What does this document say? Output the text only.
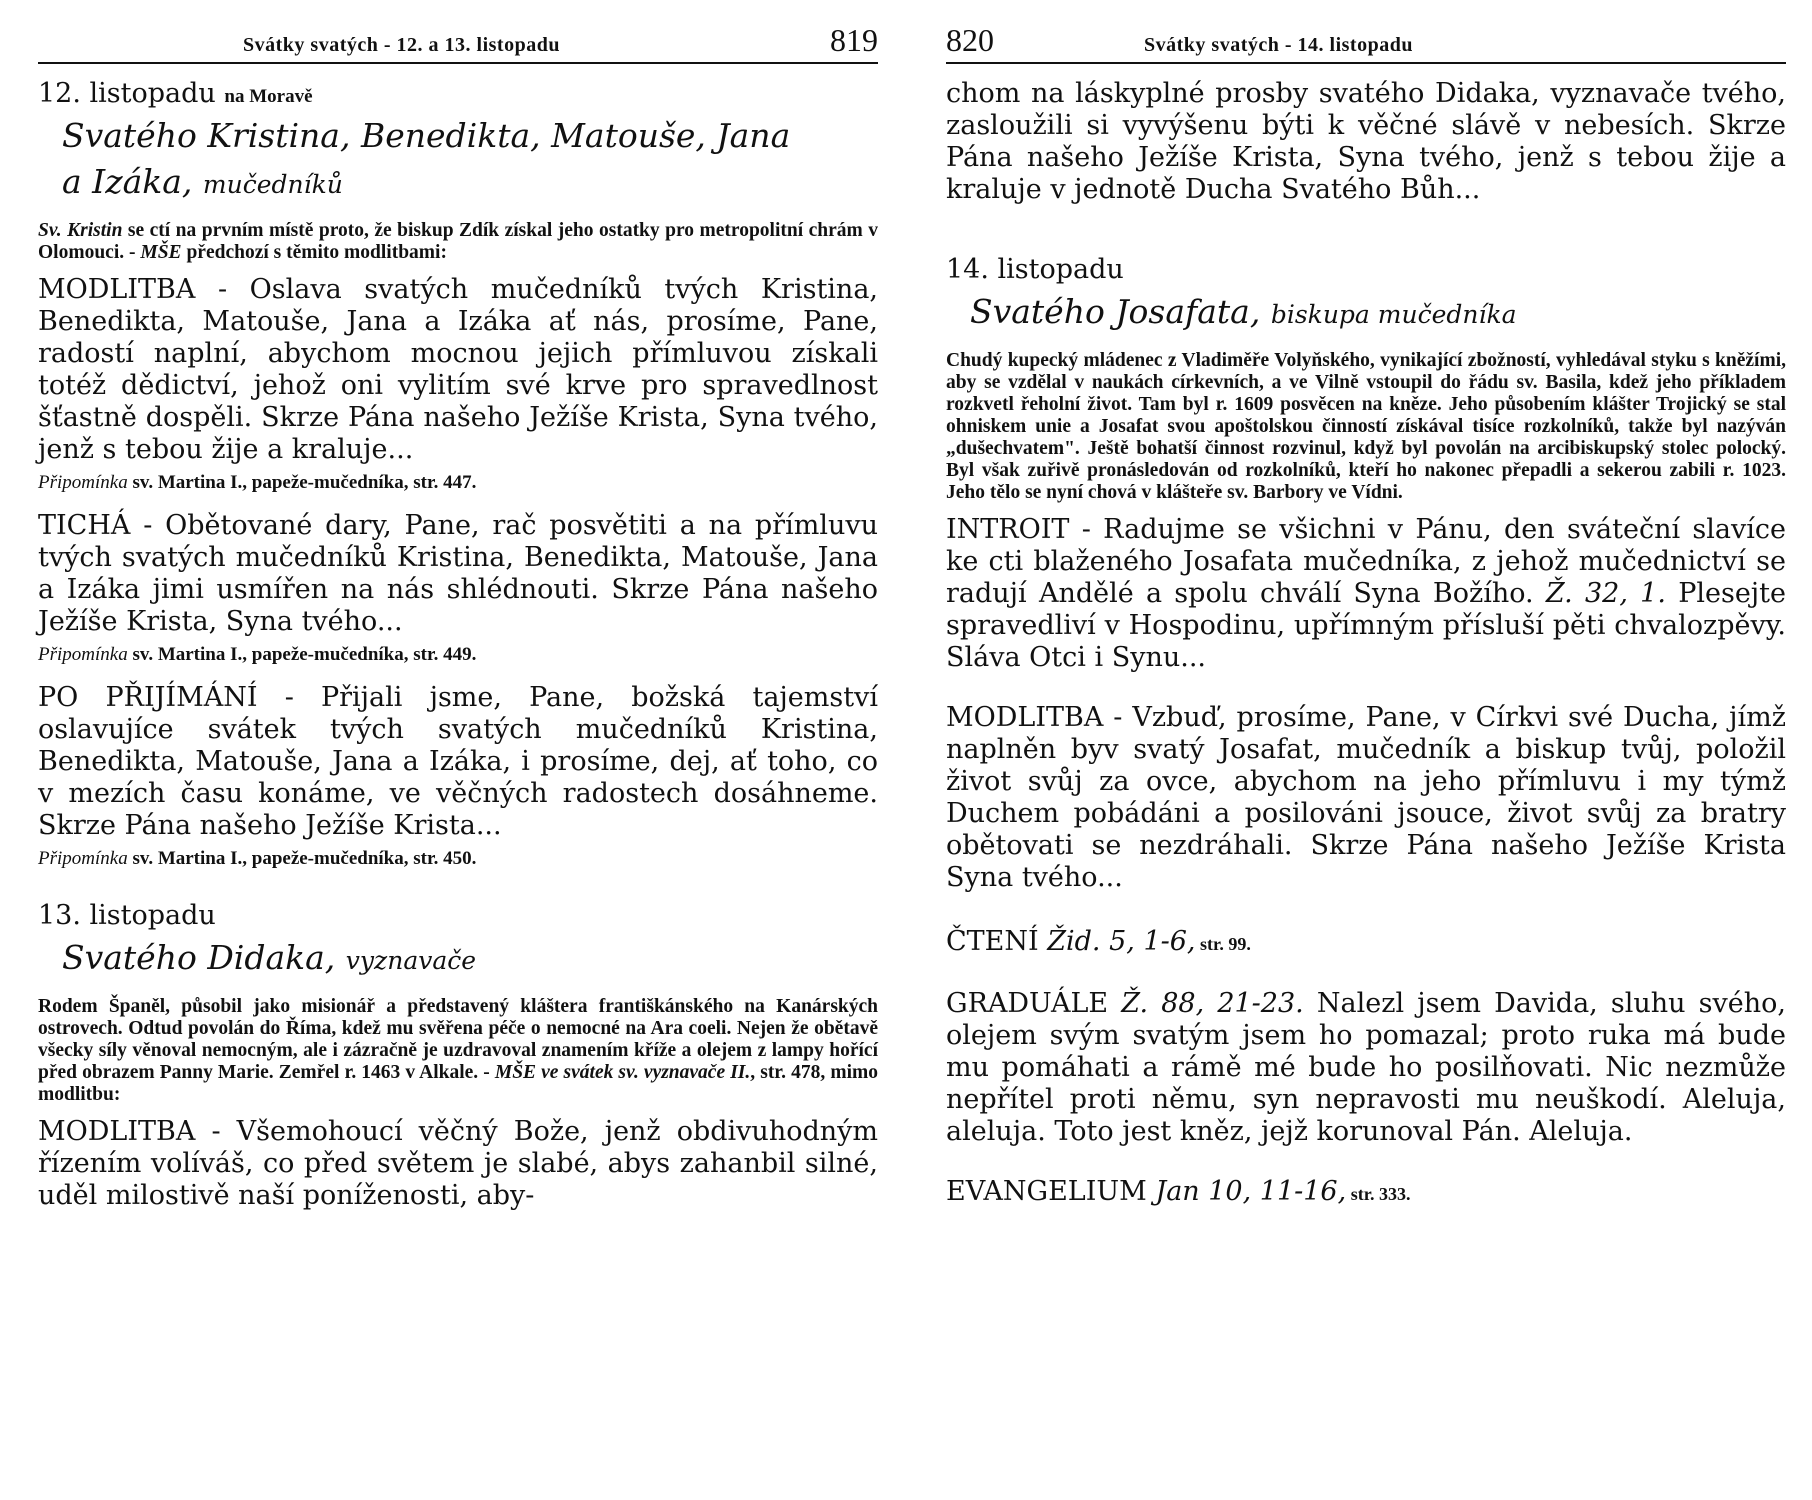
Svátky svatých - 12. a 13. listopadu	819
12. listopadu na Moravě
Svatého Kristina, Benedikta, Matouše, Jana
a Izáka, mučedníků
Sv. Kristin se ctí na prvním místě proto, že biskup Zdík získal jeho ostatky pro metropolitní chrám v Olomouci. - MŠE předchozí s těmito modlitbami:
MODLITBA - Oslava svatých mučedníků tvých Kristina, Benedikta, Matouše, Jana a Izáka ať nás, prosíme, Pane, radostí naplní, abychom mocnou jejich přímluvou získali totéž dědictví, jehož oni vylitím své krve pro spravedlnost šťastně dospěli. Skrze Pána našeho Ježíše Krista, Syna tvého, jenž s tebou žije a kraluje...
Připomínka sv. Martina I., papeže-mučedníka, str. 447.
TICHÁ - Obětované dary, Pane, rač posvětiti a na přímluvu tvých svatých mučedníků Kristina, Benedikta, Matouše, Jana a Izáka jimi usmířen na nás shlédnouti. Skrze Pána našeho Ježíše Krista, Syna tvého...
Připomínka sv. Martina I., papeže-mučedníka, str. 449.
PO PŘIJÍMÁNÍ - Přijali jsme, Pane, božská tajemství oslavujíce svátek tvých svatých mučedníků Kristina, Benedikta, Matouše, Jana a Izáka, i prosíme, dej, ať toho, co v mezích času konáme, ve věčných radostech dosáhneme. Skrze Pána našeho Ježíše Krista...
Připomínka sv. Martina I., papeže-mučedníka, str. 450.
13. listopadu
Svatého Didaka, vyznavače
Rodem Španěl, působil jako misionář a představený kláštera františkánského na Kanárských ostrovech. Odtud povolán do Říma, kdež mu svěřena péče o nemocné na Ara coeli. Nejen že obětavě všecky síly věnoval nemocným, ale i zázračně je uzdravoval znamením kříže a olejem z lampy hořící před obrazem Panny Marie. Zemřel r. 1463 v Alkale. - MŠE ve svátek sv. vyznavače II., str. 478, mimo modlitbu:
MODLITBA - Všemohoucí věčný Bože, jenž obdivuhodným řízením volíváš, co před světem je slabé, abys zahanbil silné, uděl milostivě naší poníženosti, aby-
820	Svátky svatých - 14. listopadu
chom na láskyplné prosby svatého Didaka, vyznavače tvého, zasloužili si vyvýšenu býti k věčné slávě v nebesích. Skrze Pána našeho Ježíše Krista, Syna tvého, jenž s tebou žije a kraluje v jednotě Ducha Svatého Bůh...
14. listopadu
Svatého Josafata, biskupa mučedníka
Chudý kupecký mládenec z Vladiměře Volyňského, vynikající zbožností, vyhledával styku s kněžími, aby se vzdělal v naukách církevních, a ve Vilně vstoupil do řádu sv. Basila, kdež jeho příkladem rozkvetl řeholní život. Tam byl r. 1609 posvěcen na kněze. Jeho působením klášter Trojický se stal ohniskem unie a Josafat svou apoštolskou činností získával tisíce rozkolníků, takže byl nazýván „dušechvatem". Ještě bohatší činnost rozvinul, když byl povolán na arcibiskupský stolec polocký. Byl však zuřivě pronásledován od rozkolníků, kteří ho nakonec přepadli a sekerou zabili r. 1023. Jeho tělo se nyní chová v klášteře sv. Barbory ve Vídni.
INTROIT - Radujme se všichni v Pánu, den sváteční slavíce ke cti blaženého Josafata mučedníka, z jehož mučednictví se radují Andělé a spolu chválí Syna Božího. Ž. 32, 1. Plesejte spravedliví v Hospodinu, upřímným přísluší pěti chvalozpěvy. Sláva Otci i Synu...
MODLITBA - Vzbuď, prosíme, Pane, v Církvi své Ducha, jímž naplněn byv svatý Josafat, mučedník a biskup tvůj, položil život svůj za ovce, abychom na jeho přímluvu i my týmž Duchem pobádáni a posilováni jsouce, život svůj za bratry obětovati se nezdráhali. Skrze Pána našeho Ježíše Krista Syna tvého...
ČTENÍ Žid. 5, 1-6, str. 99.
GRADUÁLE Ž. 88, 21-23. Nalezl jsem Davida, sluhu svého, olejem svým svatým jsem ho pomazal; proto ruka má bude mu pomáhati a rámě mé bude ho posilňovati. Nic nezmůže nepřítel proti němu, syn nepravosti mu neuškodí. Aleluja, aleluja. Toto jest kněz, jejž korunoval Pán. Aleluja.
EVANGELIUM Jan 10, 11-16, str. 333.
